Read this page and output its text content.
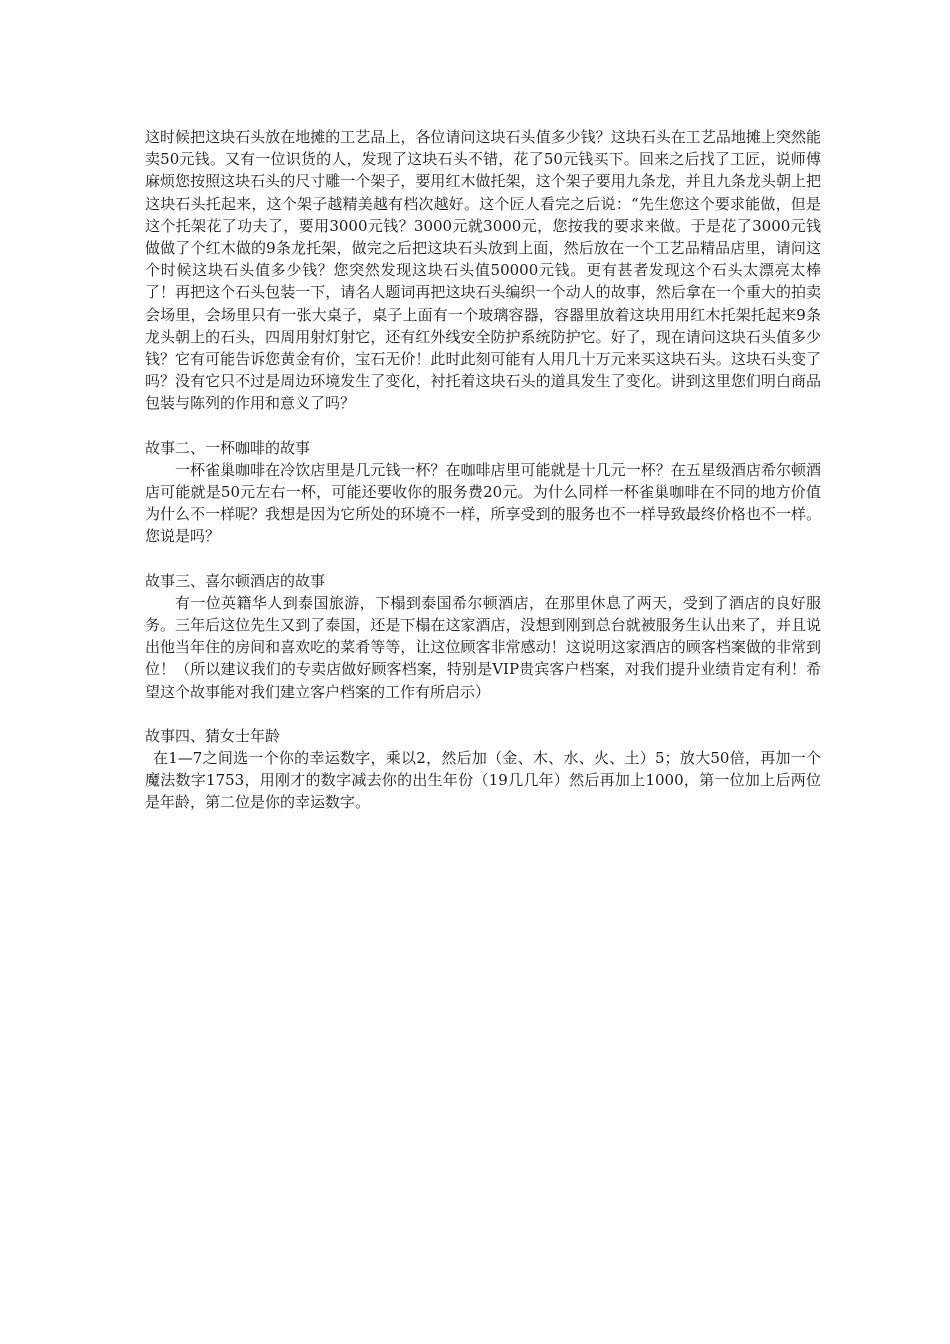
这时候把这块石头放在地摊的工艺品上，各位请问这块石头值多少钱？这块石头在工艺品地摊上突然能卖50元钱。又有一位识货的人，发现了这块石头不错，花了50元钱买下。回来之后找了工匠，说师傅麻烦您按照这块石头的尺寸雕一个架子，要用红木做托架，这个架子要用九条龙，并且九条龙头朝上把这块石头托起来，这个架子越精美越有档次越好。这个匠人看完之后说：“先生您这个要求能做，但是这个托架花了功夫了，要用3000元钱？3000元就3000元，您按我的要求来做。于是花了3000元钱做做了个红木做的9条龙托架，做完之后把这块石头放到上面，然后放在一个工艺品精品店里，请问这个时候这块石头值多少钱？您突然发现这块石头值50000元钱。更有甚者发现这个石头太漂亮太棒了！再把这个石头包装一下，请名人题词再把这块石头编织一个动人的故事，然后拿在一个重大的拍卖会场里，会场里只有一张大桌子，桌子上面有一个玻璃容器，容器里放着这块用用红木托架托起来9条龙头朝上的石头，四周用射灯射它，还有红外线安全防护系统防护它。好了，现在请问这块石头值多少钱？它有可能告诉您黄金有价，宝石无价！此时此刻可能有人用几十万元来买这块石头。这块石头变了吗？没有它只不过是周边环境发生了变化，衬托着这块石头的道具发生了变化。讲到这里您们明白商品包装与陈列的作用和意义了吗？

故事二、一杯咖啡的故事

一杯雀巢咖啡在冷饮店里是几元钱一杯？在咖啡店里可能就是十几元一杯？在五星级酒店希尔顿酒店可能就是50元左右一杯，可能还要收你的服务费20元。为什么同样一杯雀巢咖啡在不同的地方价值为什么不一样呢？我想是因为它所处的环境不一样，所享受到的服务也不一样导致最终价格也不一样。您说是吗？

故事三、喜尔顿酒店的故事

有一位英籍华人到泰国旅游，下榻到泰国希尔顿酒店，在那里休息了两天，受到了酒店的良好服务。三年后这位先生又到了泰国，还是下榻在这家酒店，没想到刚到总台就被服务生认出来了，并且说出他当年住的房间和喜欢吃的菜肴等等，让这位顾客非常感动！这说明这家酒店的顾客档案做的非常到位！（所以建议我们的专卖店做好顾客档案，特别是VIP贵宾客户档案，对我们提升业绩肯定有利！希望这个故事能对我们建立客户档案的工作有所启示）

故事四、猜女士年龄

在1—7之间选一个你的幸运数字，乘以2，然后加（金、木、水、火、土）5；放大50倍，再加一个魔法数字1753，用刚才的数字减去你的出生年份（19几几年）然后再加上1000，第一位加上后两位是年龄，第二位是你的幸运数字。
